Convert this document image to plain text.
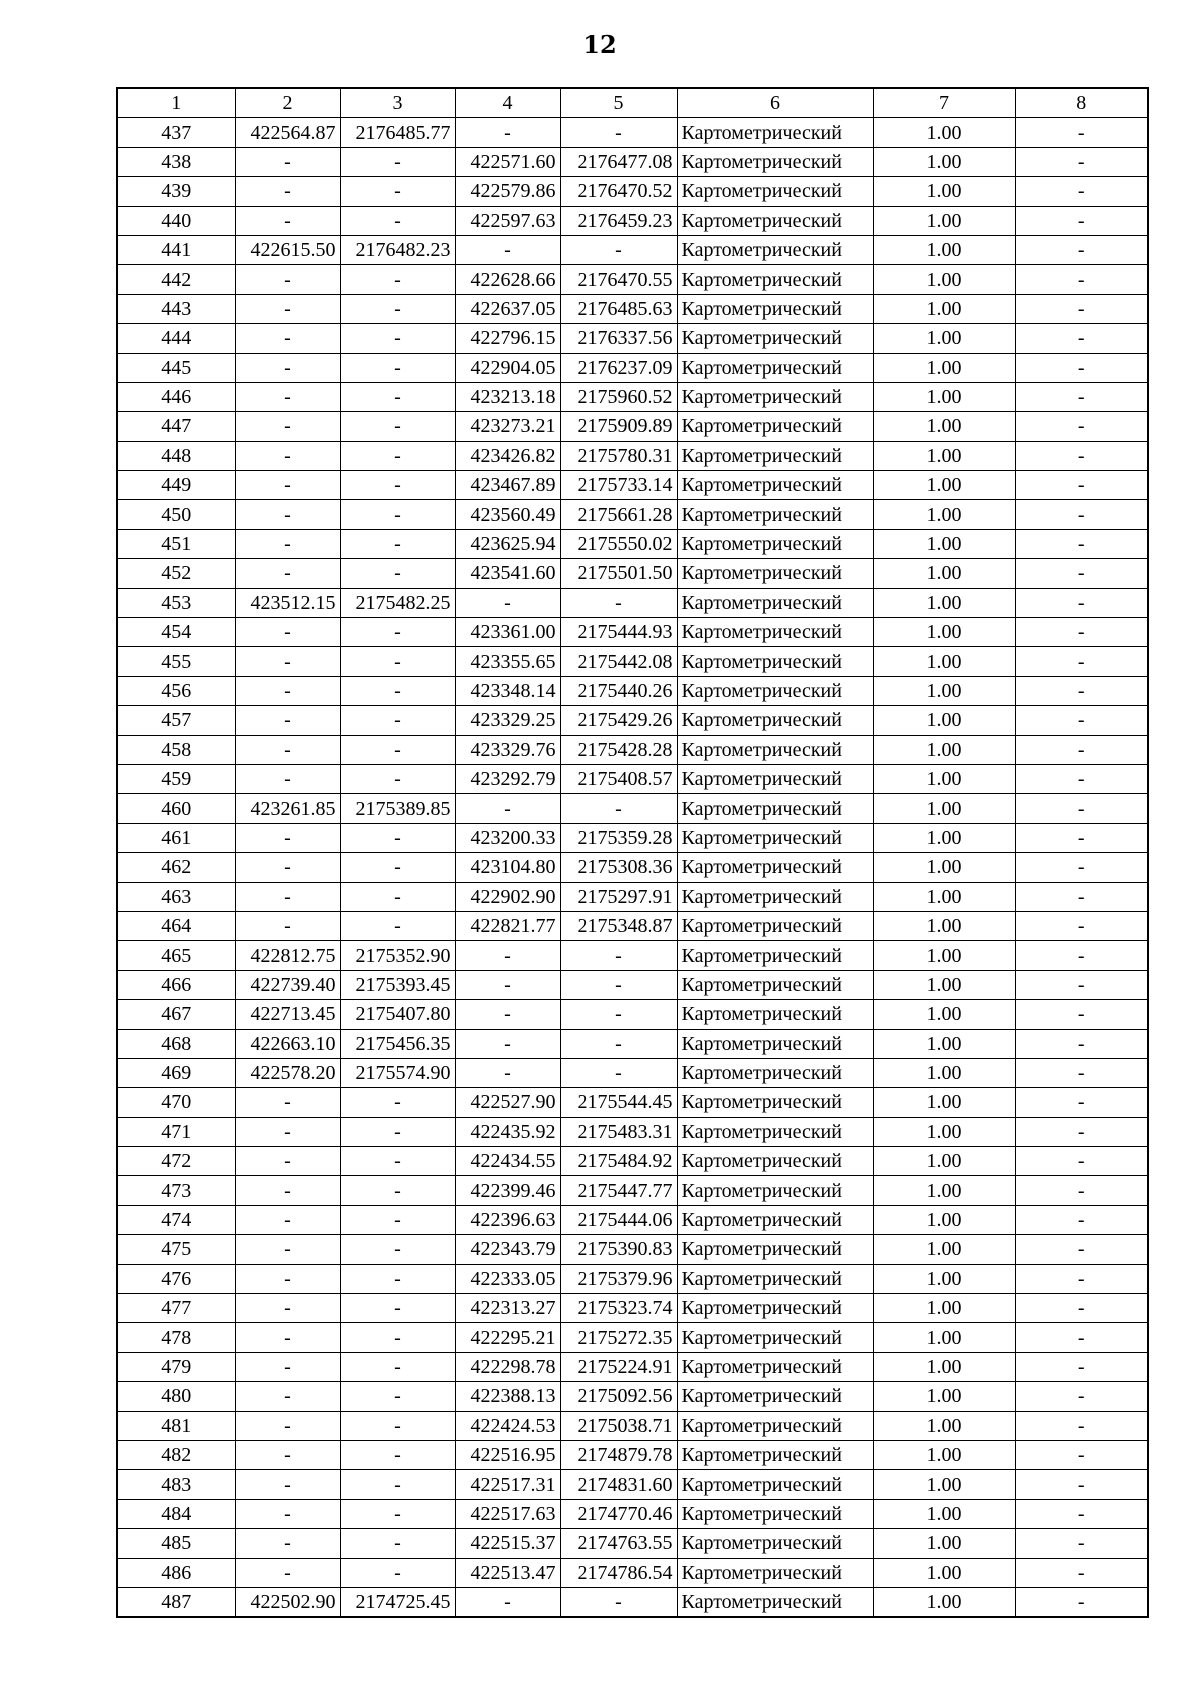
12
1	2	3	4	5	6	7	8
437	422564.87	2176485.77	-	-	Картометрический	1.00	-
438	-	-	422571.60	2176477.08	Картометрический	1.00	-
439	-	-	422579.86	2176470.52	Картометрический	1.00	-
440	-	-	422597.63	2176459.23	Картометрический	1.00	-
441	422615.50	2176482.23	-	-	Картометрический	1.00	-
442	-	-	422628.66	2176470.55	Картометрический	1.00	-
443	-	-	422637.05	2176485.63	Картометрический	1.00	-
444	-	-	422796.15	2176337.56	Картометрический	1.00	-
445	-	-	422904.05	2176237.09	Картометрический	1.00	-
446	-	-	423213.18	2175960.52	Картометрический	1.00	-
447	-	-	423273.21	2175909.89	Картометрический	1.00	-
448	-	-	423426.82	2175780.31	Картометрический	1.00	-
449	-	-	423467.89	2175733.14	Картометрический	1.00	-
450	-	-	423560.49	2175661.28	Картометрический	1.00	-
451	-	-	423625.94	2175550.02	Картометрический	1.00	-
452	-	-	423541.60	2175501.50	Картометрический	1.00	-
453	423512.15	2175482.25	-	-	Картометрический	1.00	-
454	-	-	423361.00	2175444.93	Картометрический	1.00	-
455	-	-	423355.65	2175442.08	Картометрический	1.00	-
456	-	-	423348.14	2175440.26	Картометрический	1.00	-
457	-	-	423329.25	2175429.26	Картометрический	1.00	-
458	-	-	423329.76	2175428.28	Картометрический	1.00	-
459	-	-	423292.79	2175408.57	Картометрический	1.00	-
460	423261.85	2175389.85	-	-	Картометрический	1.00	-
461	-	-	423200.33	2175359.28	Картометрический	1.00	-
462	-	-	423104.80	2175308.36	Картометрический	1.00	-
463	-	-	422902.90	2175297.91	Картометрический	1.00	-
464	-	-	422821.77	2175348.87	Картометрический	1.00	-
465	422812.75	2175352.90	-	-	Картометрический	1.00	-
466	422739.40	2175393.45	-	-	Картометрический	1.00	-
467	422713.45	2175407.80	-	-	Картометрический	1.00	-
468	422663.10	2175456.35	-	-	Картометрический	1.00	-
469	422578.20	2175574.90	-	-	Картометрический	1.00	-
470	-	-	422527.90	2175544.45	Картометрический	1.00	-
471	-	-	422435.92	2175483.31	Картометрический	1.00	-
472	-	-	422434.55	2175484.92	Картометрический	1.00	-
473	-	-	422399.46	2175447.77	Картометрический	1.00	-
474	-	-	422396.63	2175444.06	Картометрический	1.00	-
475	-	-	422343.79	2175390.83	Картометрический	1.00	-
476	-	-	422333.05	2175379.96	Картометрический	1.00	-
477	-	-	422313.27	2175323.74	Картометрический	1.00	-
478	-	-	422295.21	2175272.35	Картометрический	1.00	-
479	-	-	422298.78	2175224.91	Картометрический	1.00	-
480	-	-	422388.13	2175092.56	Картометрический	1.00	-
481	-	-	422424.53	2175038.71	Картометрический	1.00	-
482	-	-	422516.95	2174879.78	Картометрический	1.00	-
483	-	-	422517.31	2174831.60	Картометрический	1.00	-
484	-	-	422517.63	2174770.46	Картометрический	1.00	-
485	-	-	422515.37	2174763.55	Картометрический	1.00	-
486	-	-	422513.47	2174786.54	Картометрический	1.00	-
487	422502.90	2174725.45	-	-	Картометрический	1.00	-
